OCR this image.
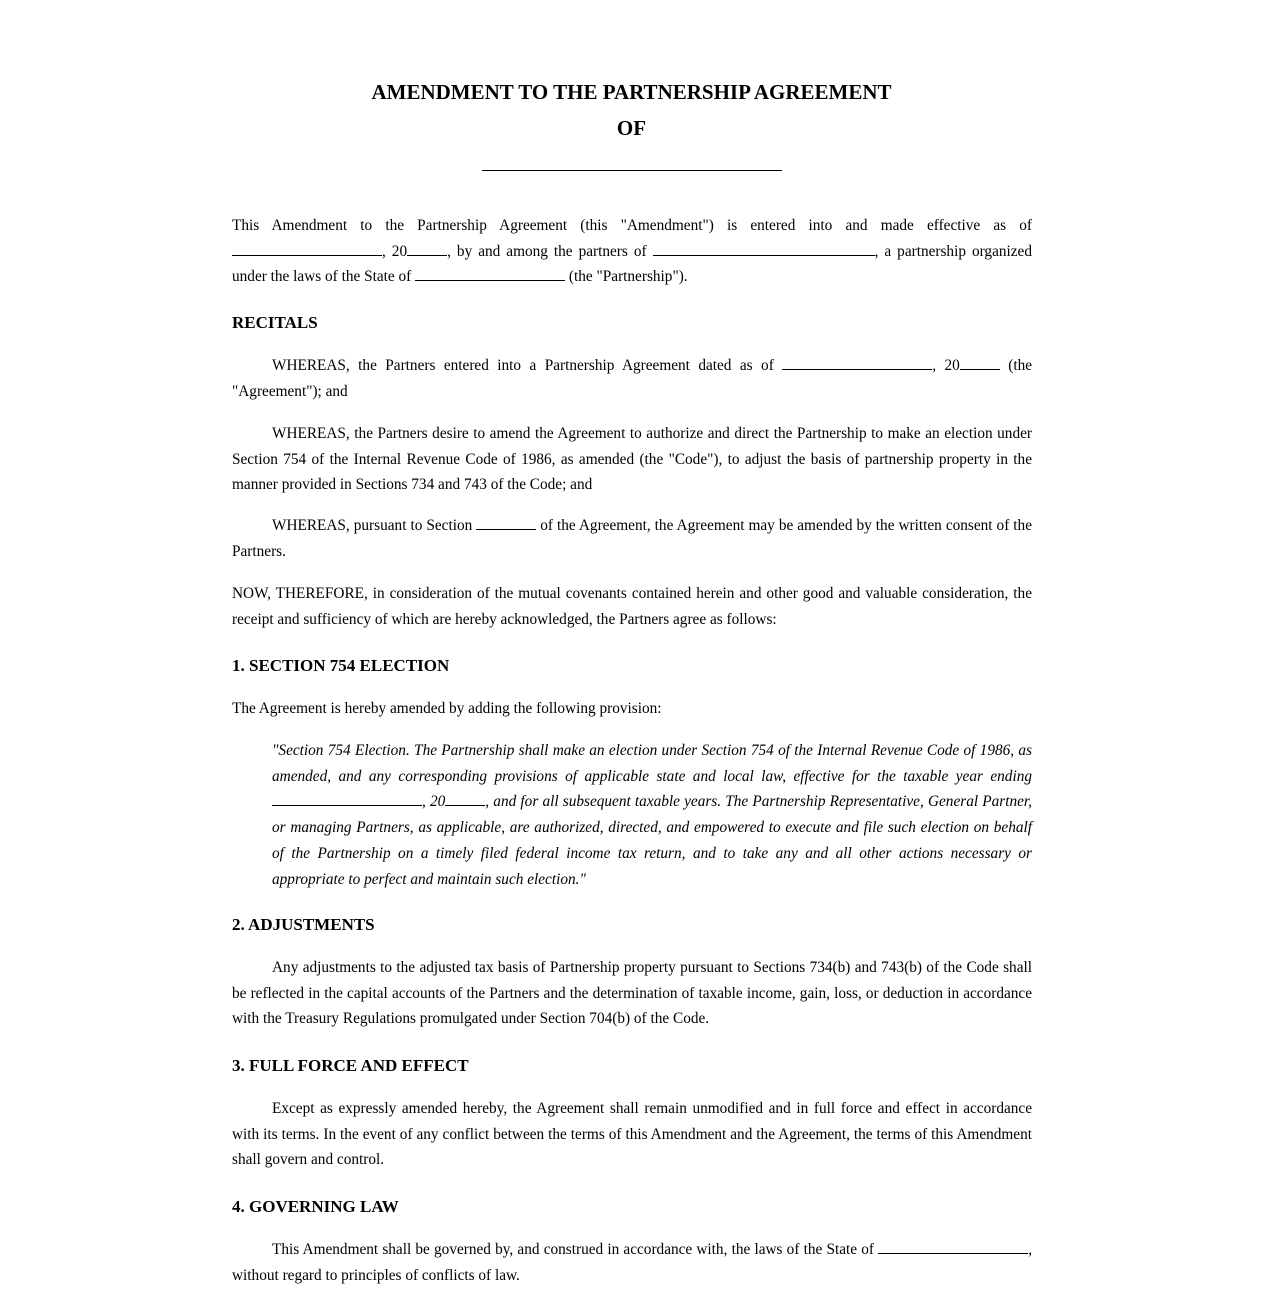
AMENDMENT TO THE PARTNERSHIP AGREEMENT
OF

This Amendment to the Partnership Agreement (this "Amendment") is entered into and made effective as of , 20	, by and among the partners of	, a partnership organized under the laws of the State of	(the "Partnership").

RECITALS

WHEREAS, the Partners entered into a Partnership Agreement dated as of	, 20	(the "Agreement"); and

WHEREAS, the Partners desire to amend the Agreement to authorize and direct the Partnership to make an election under Section 754 of the Internal Revenue Code of 1986, as amended (the "Code"), to adjust the basis of partnership property in the manner provided in Sections 734 and 743 of the Code; and

WHEREAS, pursuant to Section	of the Agreement, the Agreement may be amended by the written consent of the Partners.

NOW, THEREFORE, in consideration of the mutual covenants contained herein and other good and valuable consideration, the receipt and sufficiency of which are hereby acknowledged, the Partners agree as follows:

1. SECTION 754 ELECTION

The Agreement is hereby amended by adding the following provision:

"Section 754 Election. The Partnership shall make an election under Section 754 of the Internal Revenue Code of 1986, as amended, and any corresponding provisions of applicable state and local law, effective for the taxable year ending , 20	, and for all subsequent taxable years. The Partnership Representative, General Partner, or managing Partners, as applicable, are authorized, directed, and empowered to execute and file such election on behalf of the Partnership on a timely filed federal income tax return, and to take any and all other actions necessary or appropriate to perfect and maintain such election."

2. ADJUSTMENTS

Any adjustments to the adjusted tax basis of Partnership property pursuant to Sections 734(b) and 743(b) of the Code shall be reflected in the capital accounts of the Partners and the determination of taxable income, gain, loss, or deduction in accordance with the Treasury Regulations promulgated under Section 704(b) of the Code.

3. FULL FORCE AND EFFECT

Except as expressly amended hereby, the Agreement shall remain unmodified and in full force and effect in accordance with its terms. In the event of any conflict between the terms of this Amendment and the Agreement, the terms of this Amendment shall govern and control.

4. GOVERNING LAW

This Amendment shall be governed by, and construed in accordance with, the laws of the State of	, without regard to principles of conflicts of law.
